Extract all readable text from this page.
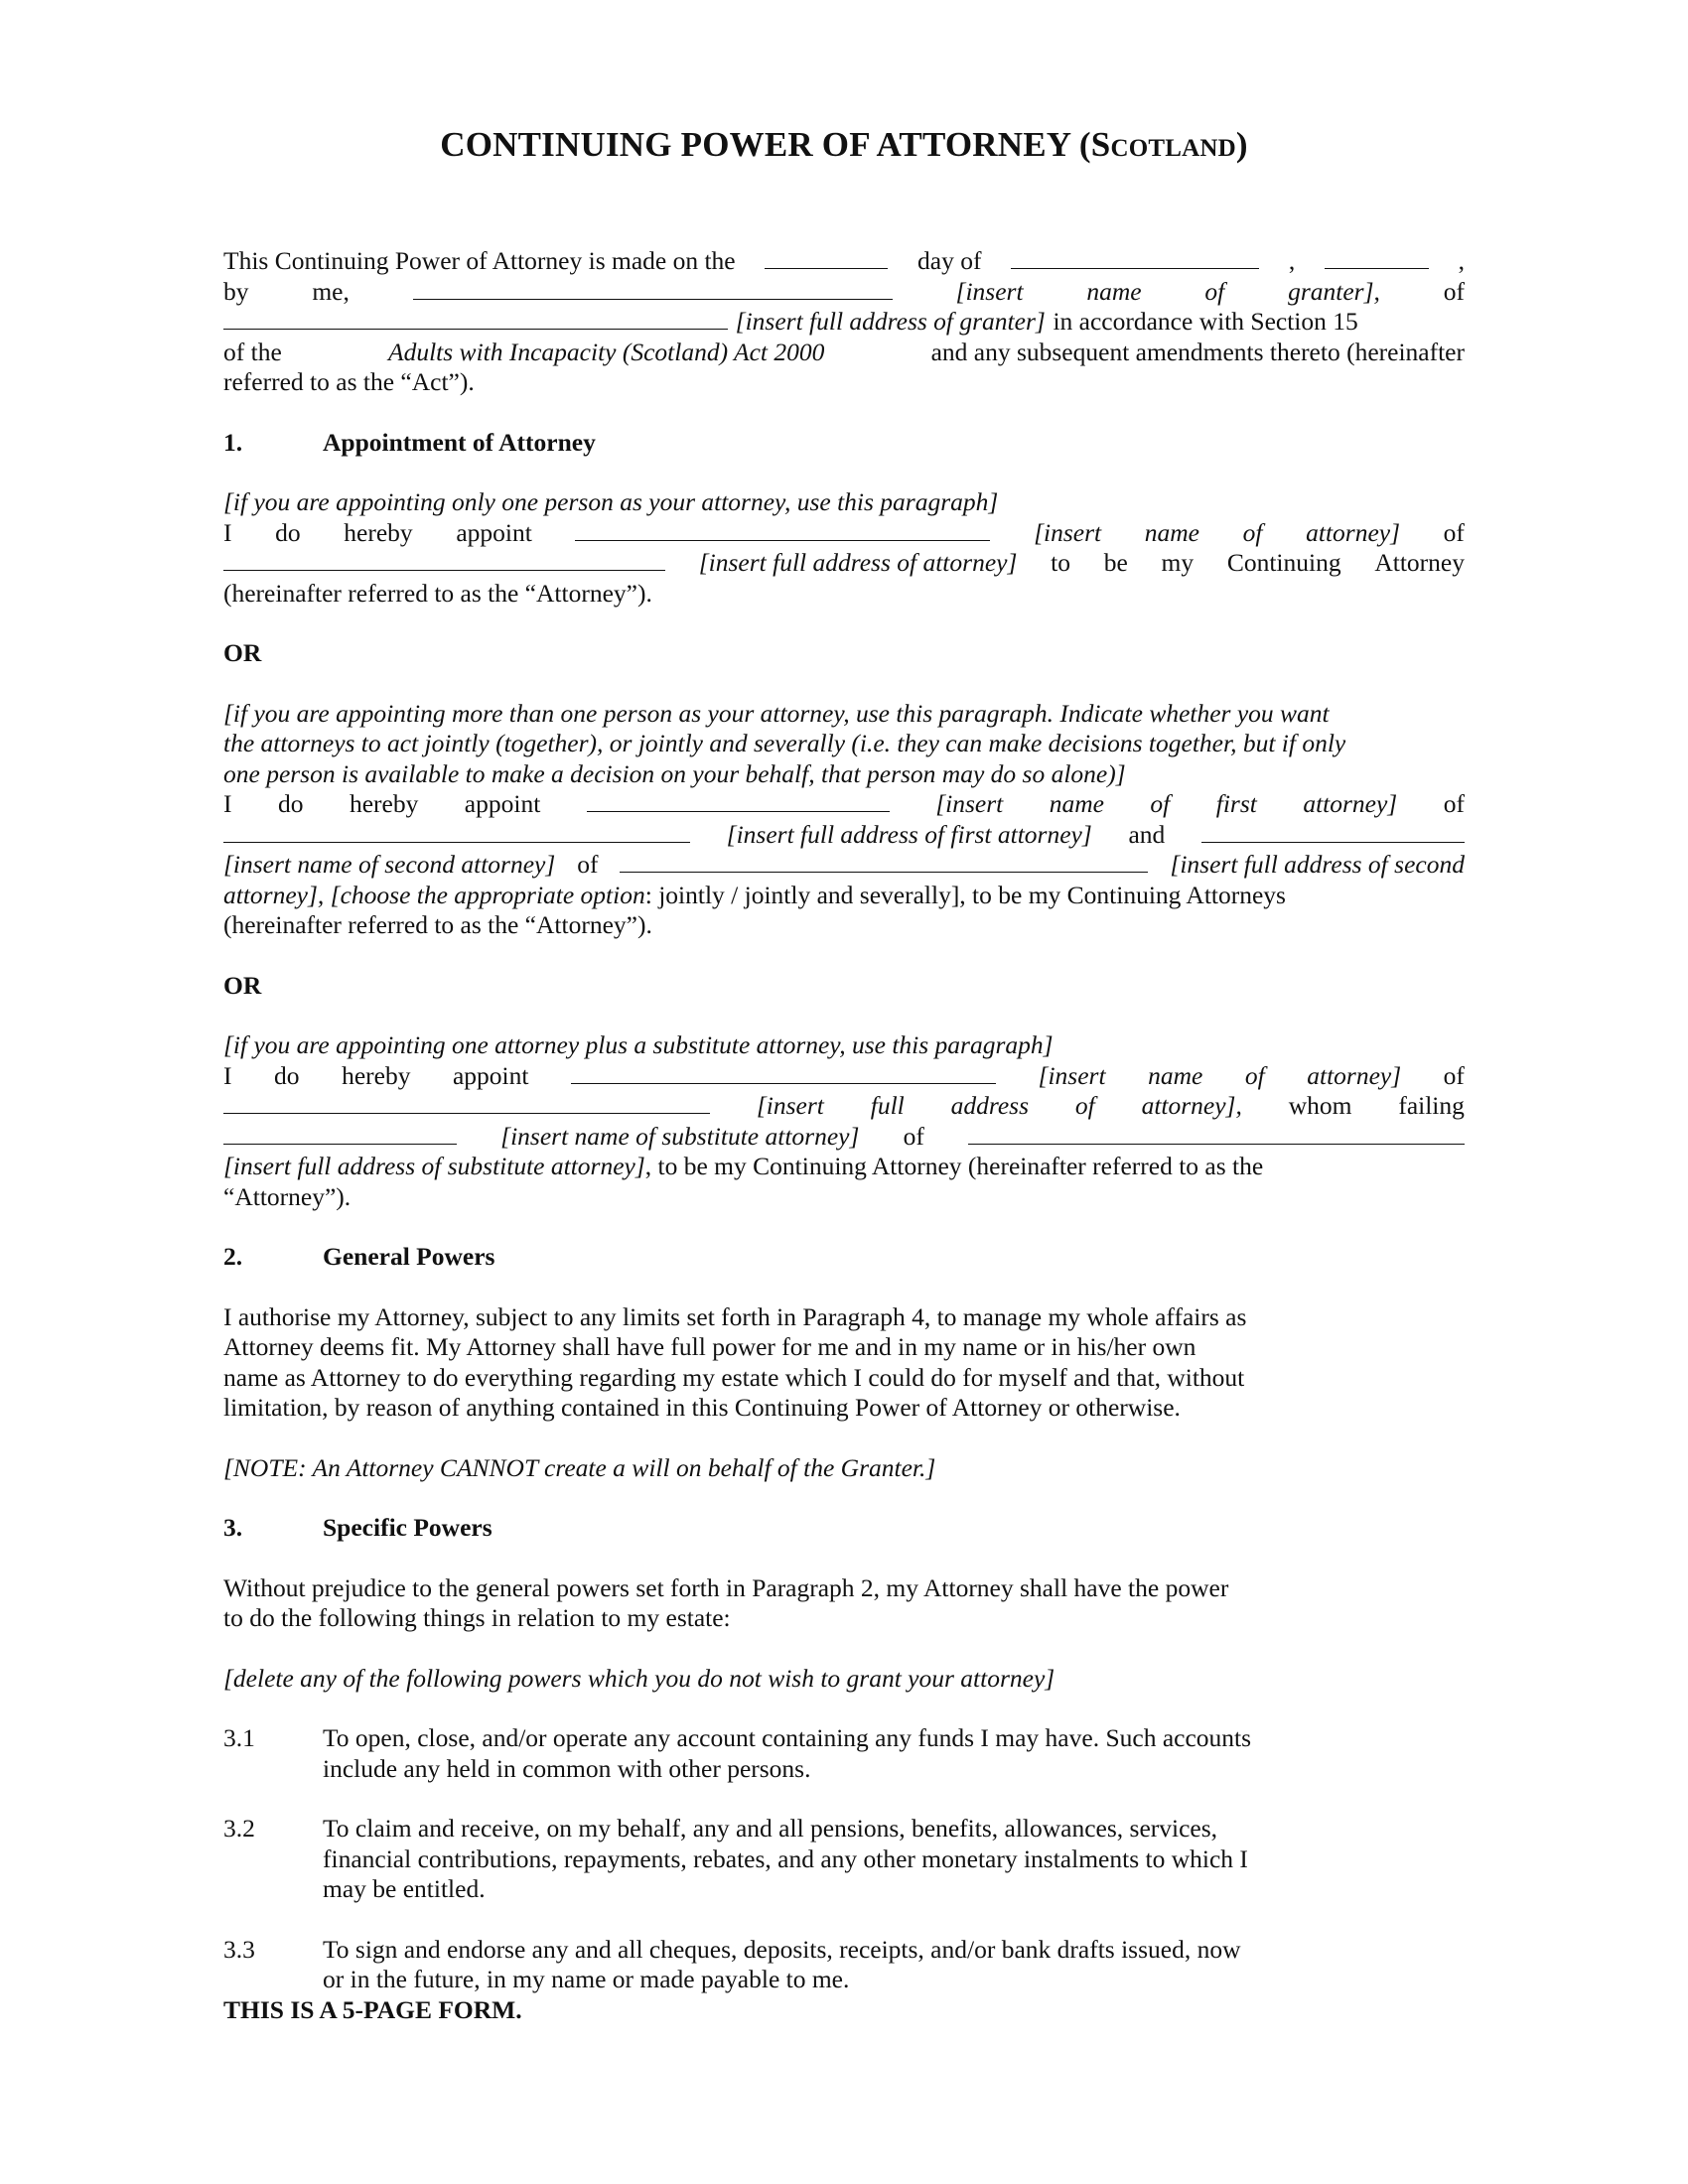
CONTINUING POWER OF ATTORNEY (Scotland)
This Continuing Power of Attorney is made on the	day of	,	,
by	me,	[insert	name	of	granter],	of
[insert full address of granter] in accordance with Section 15
of the	Adults with Incapacity (Scotland) Act 2000	and any subsequent amendments thereto (hereinafter
referred to as the “Act”).
1.	Appointment of Attorney
[if you are appointing only one person as your attorney, use this paragraph]
I do hereby appoint	[insert name of attorney] of
[insert full address of attorney] to be my Continuing Attorney
(hereinafter referred to as the “Attorney”).
OR
[if you are appointing more than one person as your attorney, use this paragraph. Indicate whether you want
the attorneys to act jointly (together), or jointly and severally (i.e. they can make decisions together, but if only
one person is available to make a decision on your behalf, that person may do so alone)]
I do hereby appoint	[insert name of first attorney] of
[insert full address of first attorney] and
[insert name of second attorney] of	[insert full address of second
attorney], [choose the appropriate option: jointly / jointly and severally], to be my Continuing Attorneys
(hereinafter referred to as the “Attorney”).
OR
[if you are appointing one attorney plus a substitute attorney, use this paragraph]
I do hereby appoint	[insert name of attorney] of
[insert full address of attorney], whom failing
[insert name of substitute attorney] of
[insert full address of substitute attorney], to be my Continuing Attorney (hereinafter referred to as the
“Attorney”).
2.	General Powers
I authorise my Attorney, subject to any limits set forth in Paragraph 4, to manage my whole affairs as
Attorney deems fit. My Attorney shall have full power for me and in my name or in his/her own
name as Attorney to do everything regarding my estate which I could do for myself and that, without
limitation, by reason of anything contained in this Continuing Power of Attorney or otherwise.
[NOTE: An Attorney CANNOT create a will on behalf of the Granter.]
3.	Specific Powers
Without prejudice to the general powers set forth in Paragraph 2, my Attorney shall have the power
to do the following things in relation to my estate:
[delete any of the following powers which you do not wish to grant your attorney]
3.1	To open, close, and/or operate any account containing any funds I may have. Such accounts
include any held in common with other persons.
3.2	To claim and receive, on my behalf, any and all pensions, benefits, allowances, services,
financial contributions, repayments, rebates, and any other monetary instalments to which I
may be entitled.
3.3	To sign and endorse any and all cheques, deposits, receipts, and/or bank drafts issued, now
or in the future, in my name or made payable to me.
THIS IS A 5-PAGE FORM.
